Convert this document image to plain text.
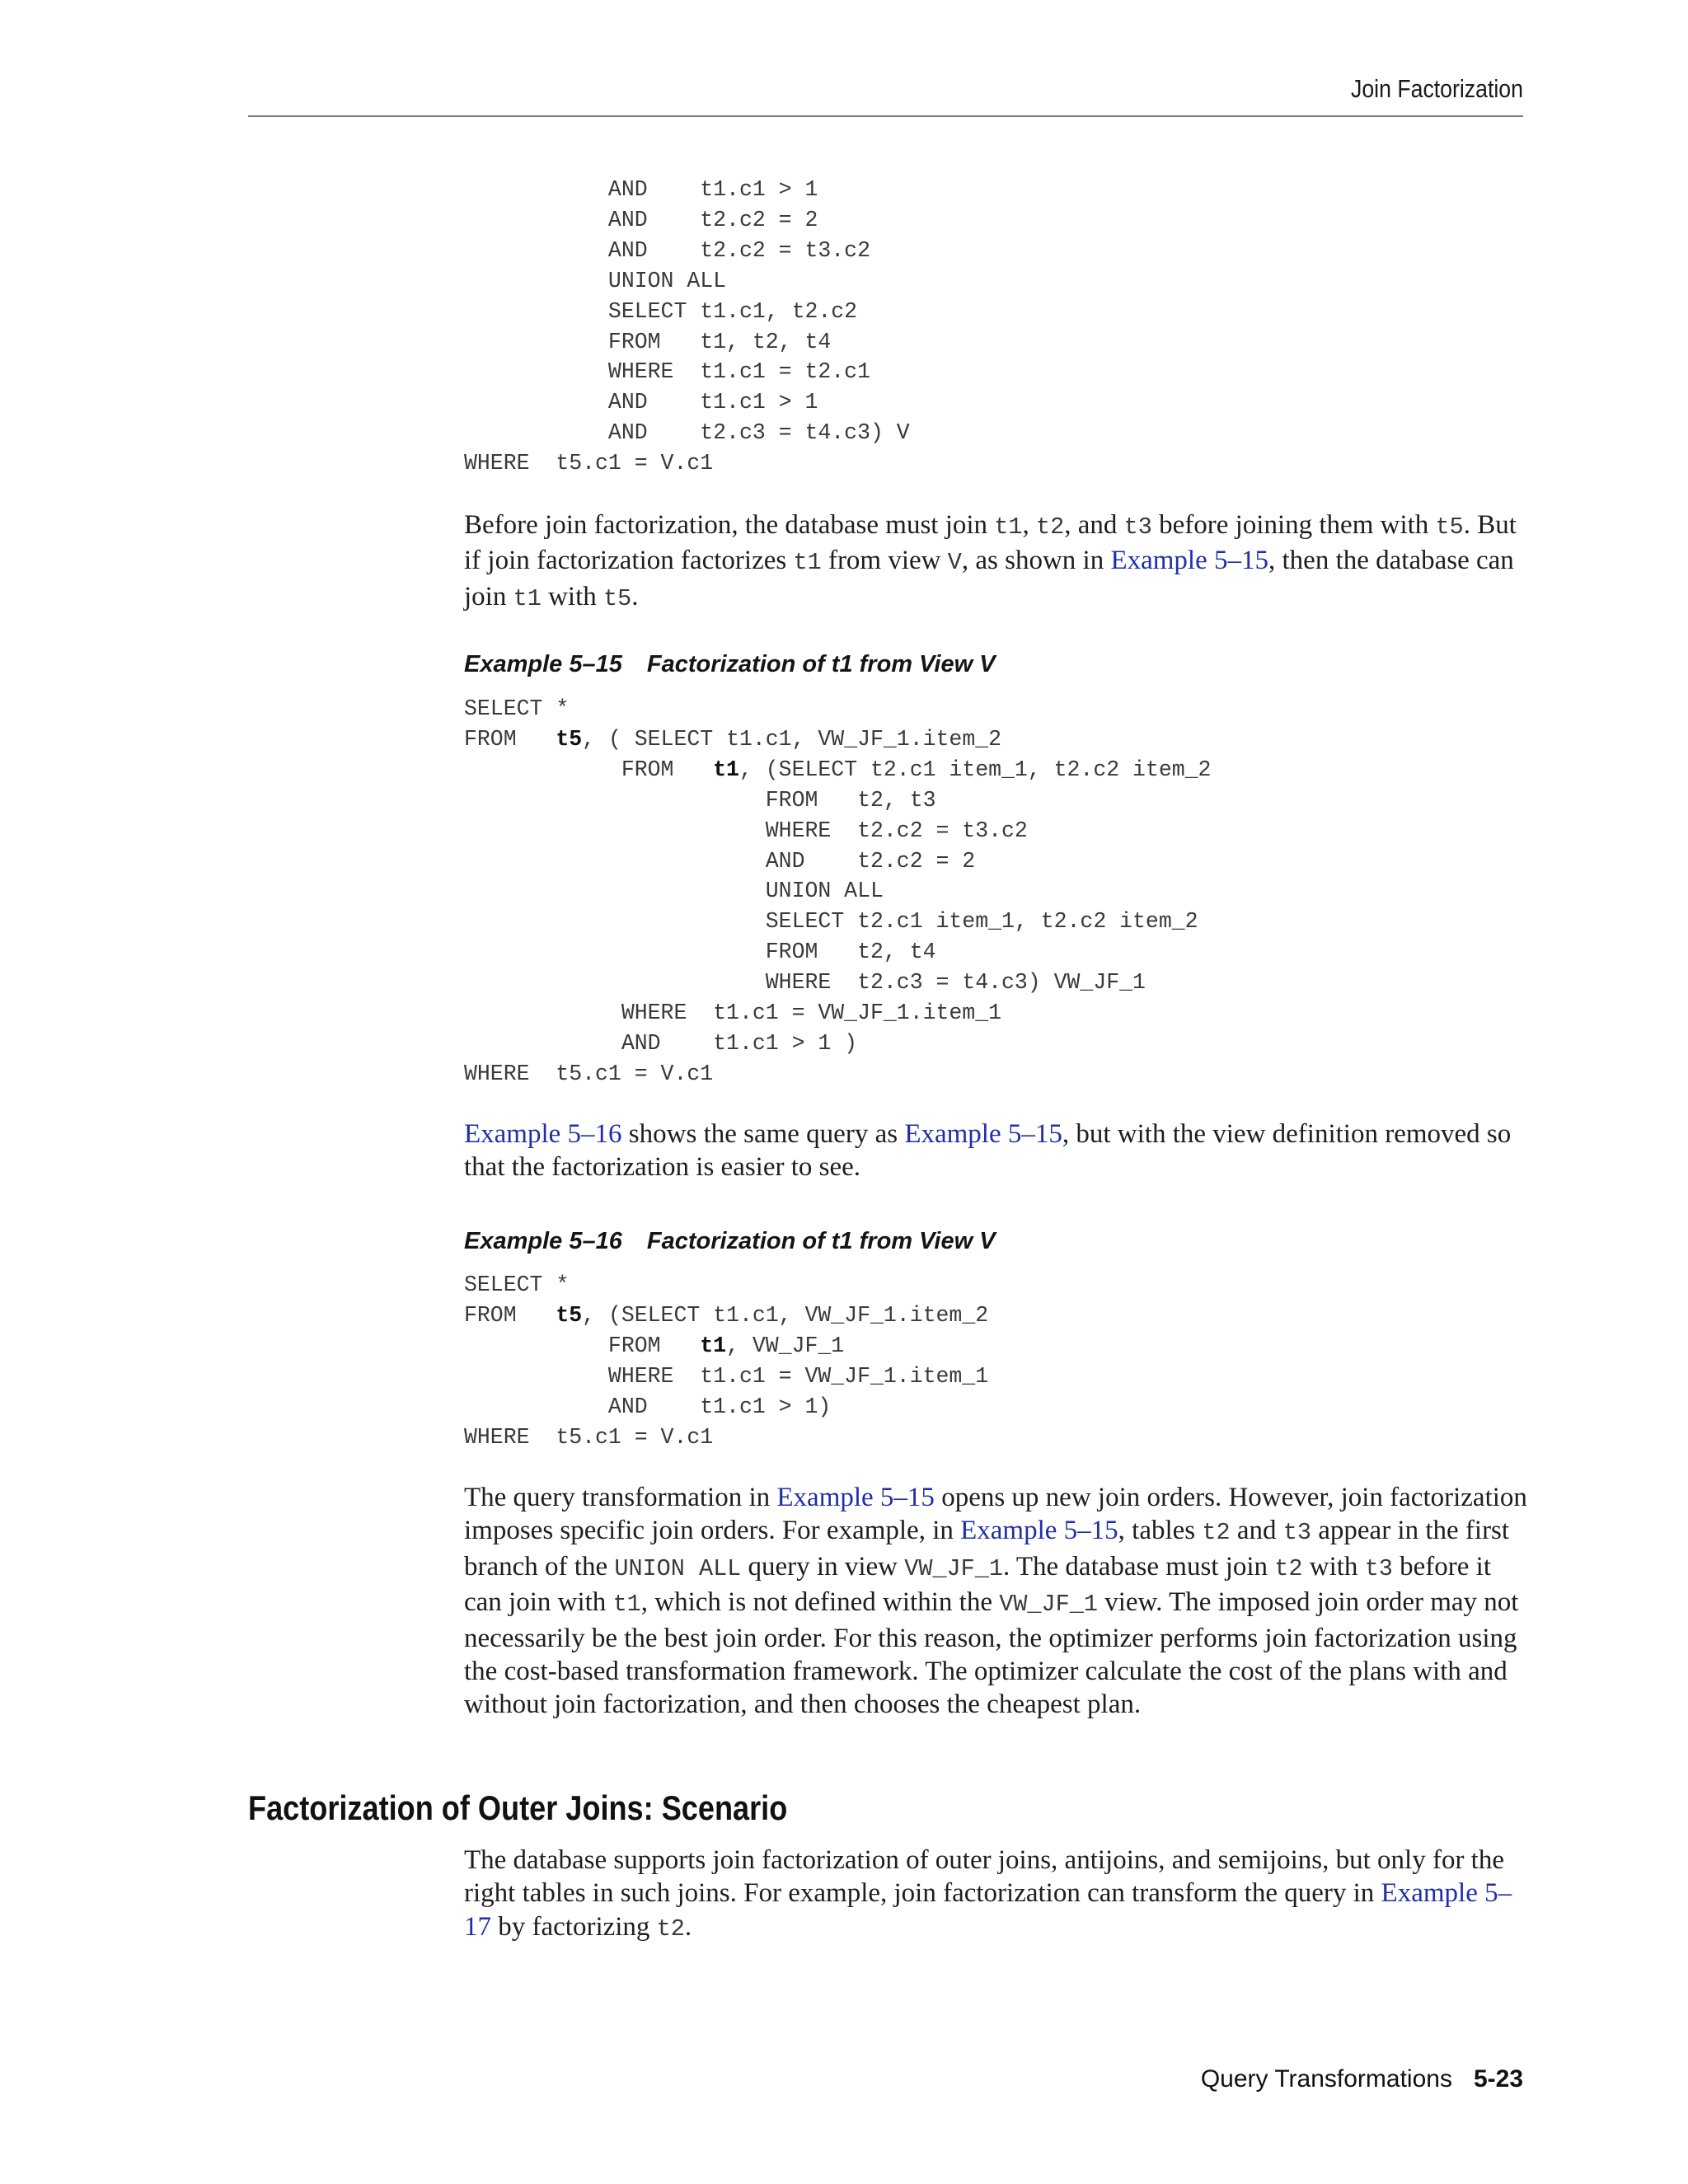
Join Factorization
AND    t1.c1 > 1
AND    t2.c2 = 2
AND    t2.c2 = t3.c2
UNION ALL
SELECT t1.c1, t2.c2
FROM   t1, t2, t4
WHERE  t1.c1 = t2.c1
AND    t1.c1 > 1
AND    t2.c3 = t4.c3) V
WHERE  t5.c1 = V.c1
Before join factorization, the database must join t1, t2, and t3 before joining them with t5. But if join factorization factorizes t1 from view V, as shown in Example 5–15, then the database can join t1 with t5.
Example 5–15 Factorization of t1 from View V
SELECT *
FROM   t5, ( SELECT t1.c1, VW_JF_1.item_2
FROM   t1, (SELECT t2.c1 item_1, t2.c2 item_2
FROM   t2, t3
WHERE  t2.c2 = t3.c2
AND    t2.c2 = 2
UNION ALL
SELECT t2.c1 item_1, t2.c2 item_2
FROM   t2, t4
WHERE  t2.c3 = t4.c3) VW_JF_1
WHERE  t1.c1 = VW_JF_1.item_1
AND    t1.c1 > 1 )
WHERE  t5.c1 = V.c1
Example 5–16 shows the same query as Example 5–15, but with the view definition removed so that the factorization is easier to see.
Example 5–16 Factorization of t1 from View V
SELECT *
FROM   t5, (SELECT t1.c1, VW_JF_1.item_2
FROM   t1, VW_JF_1
WHERE  t1.c1 = VW_JF_1.item_1
AND    t1.c1 > 1)
WHERE  t5.c1 = V.c1
The query transformation in Example 5–15 opens up new join orders. However, join factorization imposes specific join orders. For example, in Example 5–15, tables t2 and t3 appear in the first branch of the UNION ALL query in view VW_JF_1. The database must join t2 with t3 before it can join with t1, which is not defined within the VW_JF_1 view. The imposed join order may not necessarily be the best join order. For this reason, the optimizer performs join factorization using the cost-based transformation framework. The optimizer calculate the cost of the plans with and without join factorization, and then chooses the cheapest plan.
Factorization of Outer Joins: Scenario
The database supports join factorization of outer joins, antijoins, and semijoins, but only for the right tables in such joins. For example, join factorization can transform the query in Example 5–17 by factorizing t2.
Query Transformations 5-23
